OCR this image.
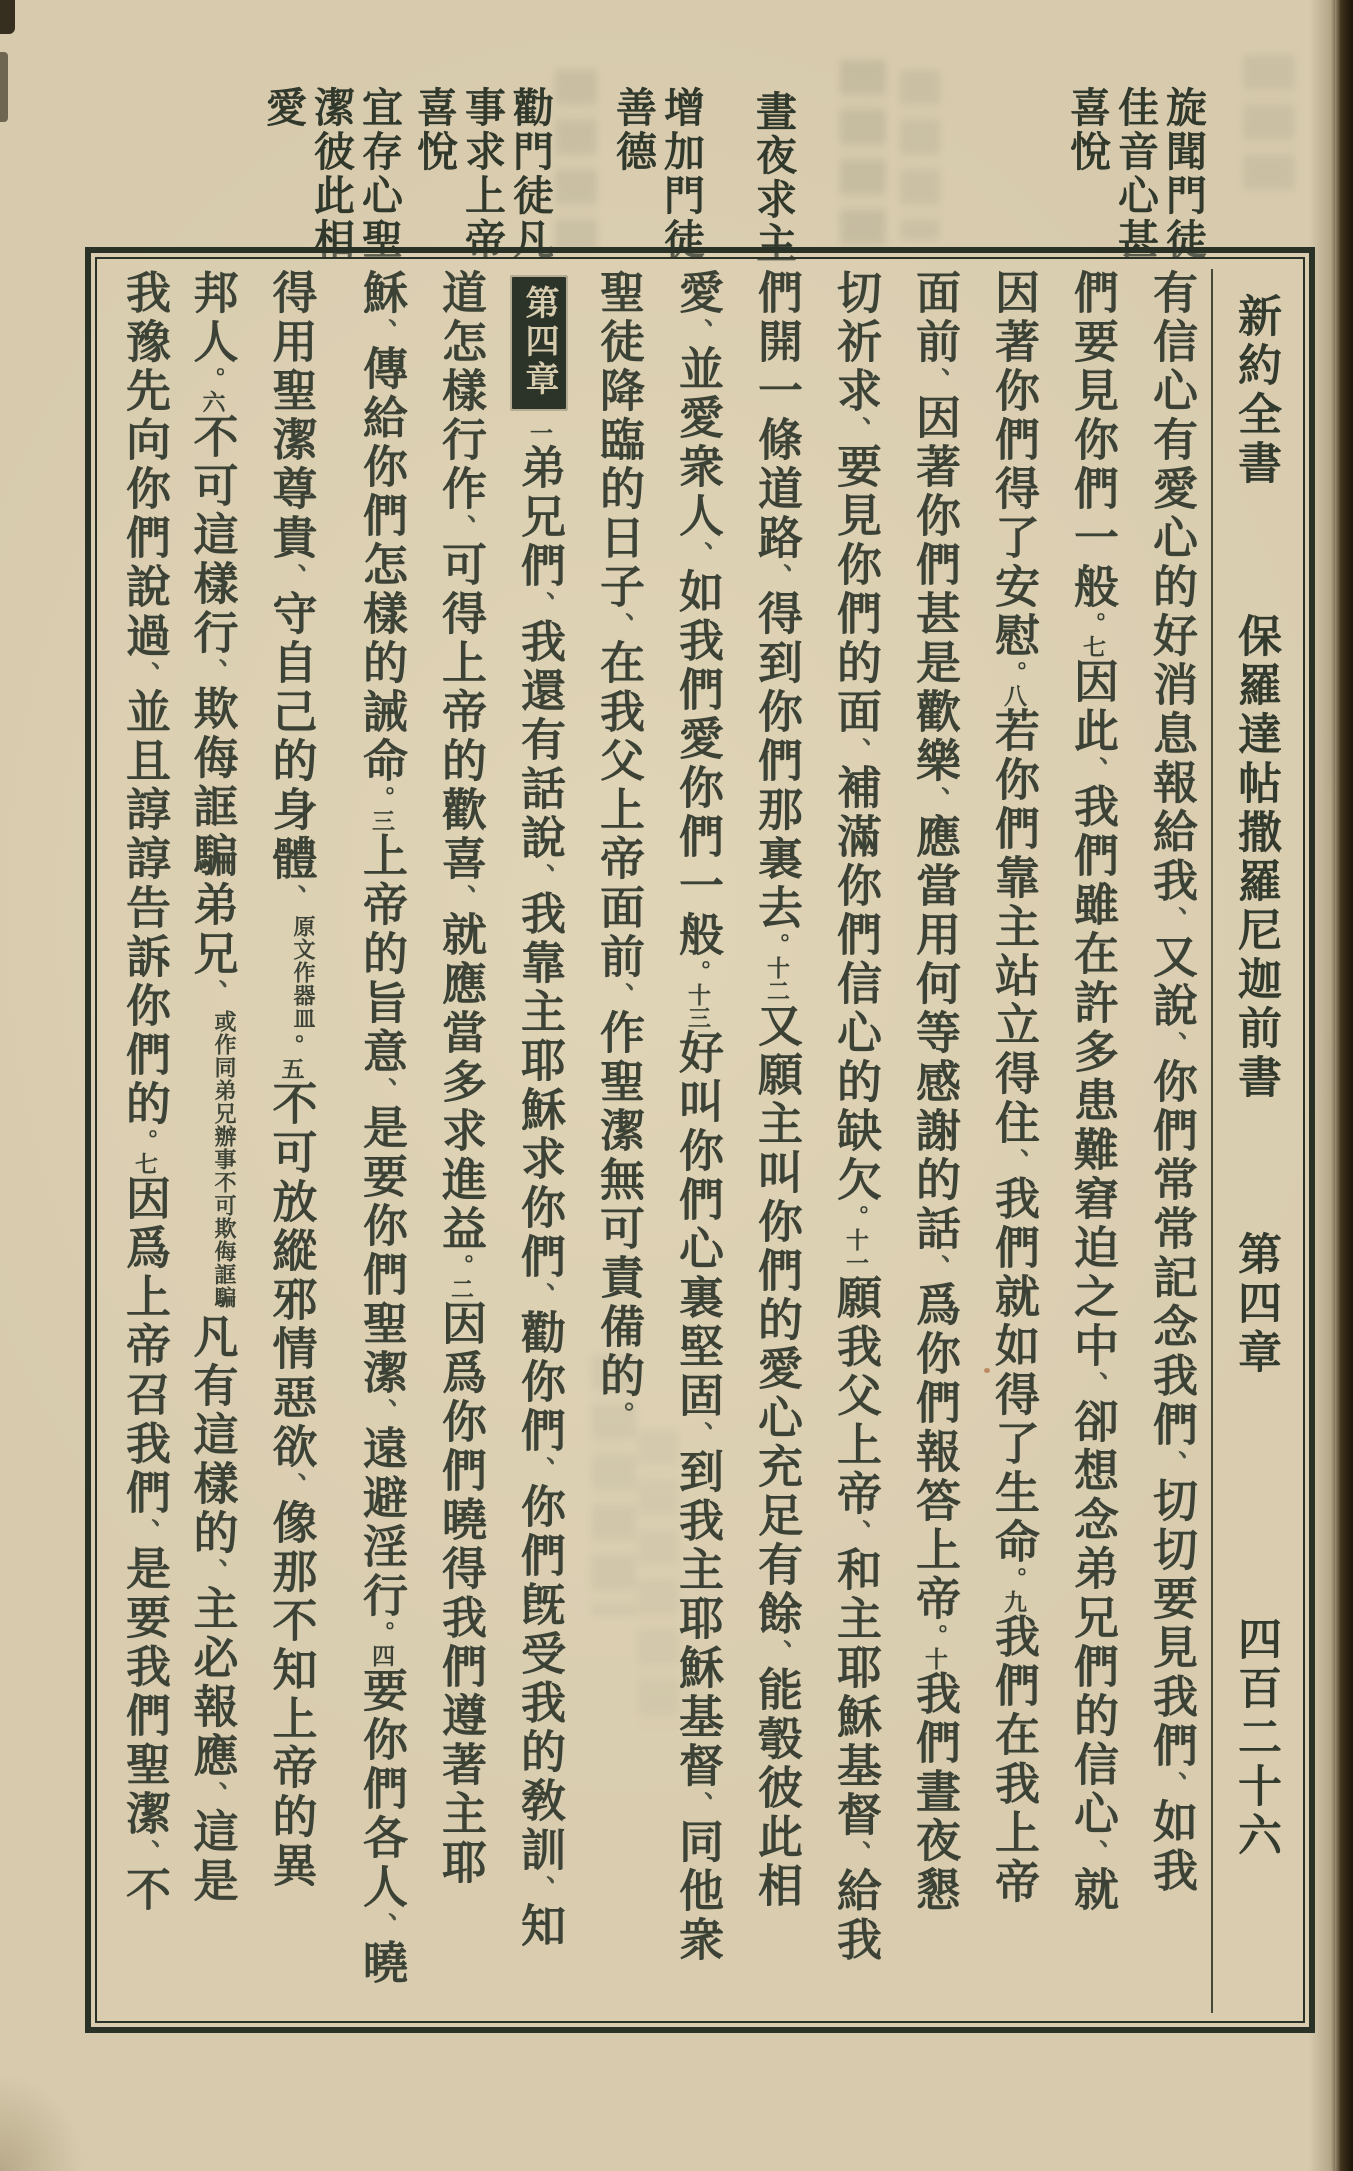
旋聞門徒
佳音心甚
喜悅
晝夜求主
增加門徒
善德
勸門徒凡
事求上帝
喜悅
宜存心聖
潔彼此相
愛
新約全書保羅達帖撒羅尼迦前書第四章四百二十六
有信心有愛心的好消息報給我、又說、你們常常記念我們、切切要見我們、如我
們要見你們一般。七因此、我們雖在許多患難窘迫之中、卻想念弟兄們的信心、就
因著你們得了安慰。八若你們靠主站立得住、我們就如得了生命。九我們在我上帝
面前、因著你們甚是歡樂、應當用何等感謝的話、爲你們報答上帝。十我們晝夜懇
切祈求、要見你們的面、補滿你們信心的缺欠。十一願我父上帝、和主耶穌基督、給我
們開一條道路、得到你們那裏去。十二又願主叫你們的愛心充足有餘、能彀彼此相
愛、並愛衆人、如我們愛你們一般。十三好叫你們心裏堅固、到我主耶穌基督、同他衆
聖徒降臨的日子、在我父上帝面前、作聖潔無可責備的。
第四章一弟兄們、我還有話說、我靠主耶穌求你們、勸你們、你們旣受我的敎訓、知
道怎樣行作、可得上帝的歡喜、就應當多求進益。二因爲你們曉得我們遵著主耶
穌、傳給你們怎樣的誡命。三上帝的旨意、是要你們聖潔、遠避淫行。四要你們各人、曉
得用聖潔尊貴、守自己的身體、原文作器皿。五不可放縱邪情惡欲、像那不知上帝的異
邦人。六不可這樣行、欺侮誆騙弟兄、或作同弟兄辦事不可欺侮誆騙凡有這樣的、主必報應、這是
我豫先向你們說過、並且諄諄告訴你們的。七因爲上帝召我們、是要我們聖潔、不
